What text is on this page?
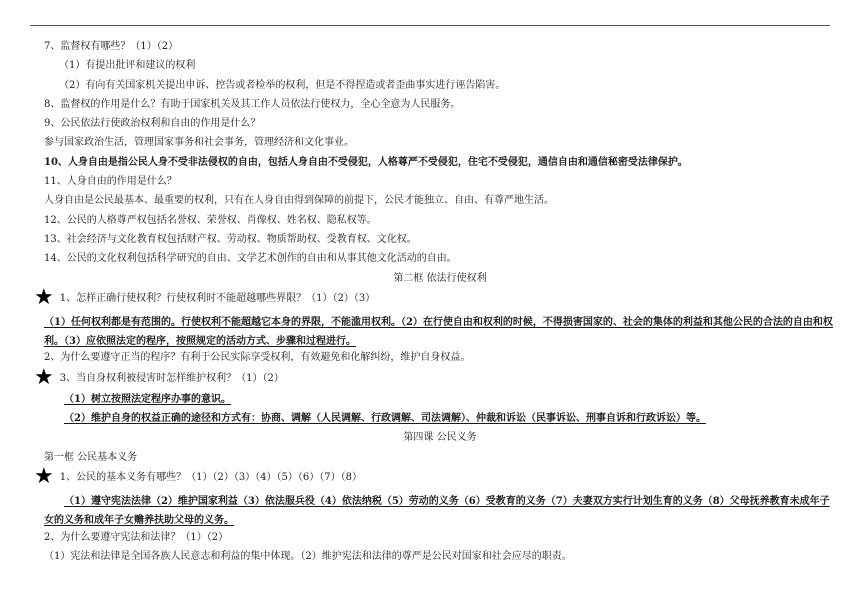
7、监督权有哪些？（1）（2）
（1）有提出批评和建议的权利
（2）有向有关国家机关提出申诉、控告或者检举的权利，但是不得捏造或者歪曲事实进行诬告陷害。
8、监督权的作用是什么？有助于国家机关及其工作人员依法行使权力，全心全意为人民服务。
9、公民依法行使政治权利和自由的作用是什么？
参与国家政治生活，管理国家事务和社会事务，管理经济和文化事业。
10、人身自由是指公民人身不受非法侵权的自由，包括人身自由不受侵犯，人格尊严不受侵犯，住宅不受侵犯，通信自由和通信秘密受法律保护。
11、人身自由的作用是什么？
人身自由是公民最基本、最重要的权利，只有在人身自由得到保障的前提下，公民才能独立、自由、有尊严地生活。
12、公民的人格尊严权包括名誉权、荣誉权、肖像权、姓名权、隐私权等。
13、社会经济与文化教育权包括财产权、劳动权、物质帮助权、受教育权、文化权。
14、公民的文化权利包括科学研究的自由、文学艺术创作的自由和从事其他文化活动的自由。
第二框 依法行使权利
★ 1、怎样正确行使权利？行使权利时不能超越哪些界限？（1）（2）（3）
（1）任何权利都是有范围的。行使权利不能超越它本身的界限，不能滥用权利。（2）在行使自由和权利的时候，不得损害国家的、社会的集体的利益和其他公民的合法的自由和权利。（3）应依照法定的程序，按照规定的活动方式、步骤和过程进行。
2、为什么要遵守正当的程序？有利于公民实际享受权利，有效避免和化解纠纷，维护自身权益。
★ 3、当自身权利被侵害时怎样维护权利？（1）（2）
（1）树立按照法定程序办事的意识。
（2）维护自身的权益正确的途径和方式有：协商、调解（人民调解、行政调解、司法调解）、仲裁和诉讼（民事诉讼、刑事自诉和行政诉讼）等。
第四课 公民义务
第一框 公民基本义务
★ 1、公民的基本义务有哪些？（1）（2）（3）（4）（5）（6）（7）（8）
（1）遵守宪法法律（2）维护国家利益（3）依法服兵役（4）依法纳税（5）劳动的义务（6）受教育的义务（7）夫妻双方实行计划生育的义务（8）父母抚养教育未成年子女的义务和成年子女赡养扶助父母的义务。
2、为什么要遵守宪法和法律？（1）（2）
（1）宪法和法律是全国各族人民意志和利益的集中体现。（2）维护宪法和法律的尊严是公民对国家和社会应尽的职责。
